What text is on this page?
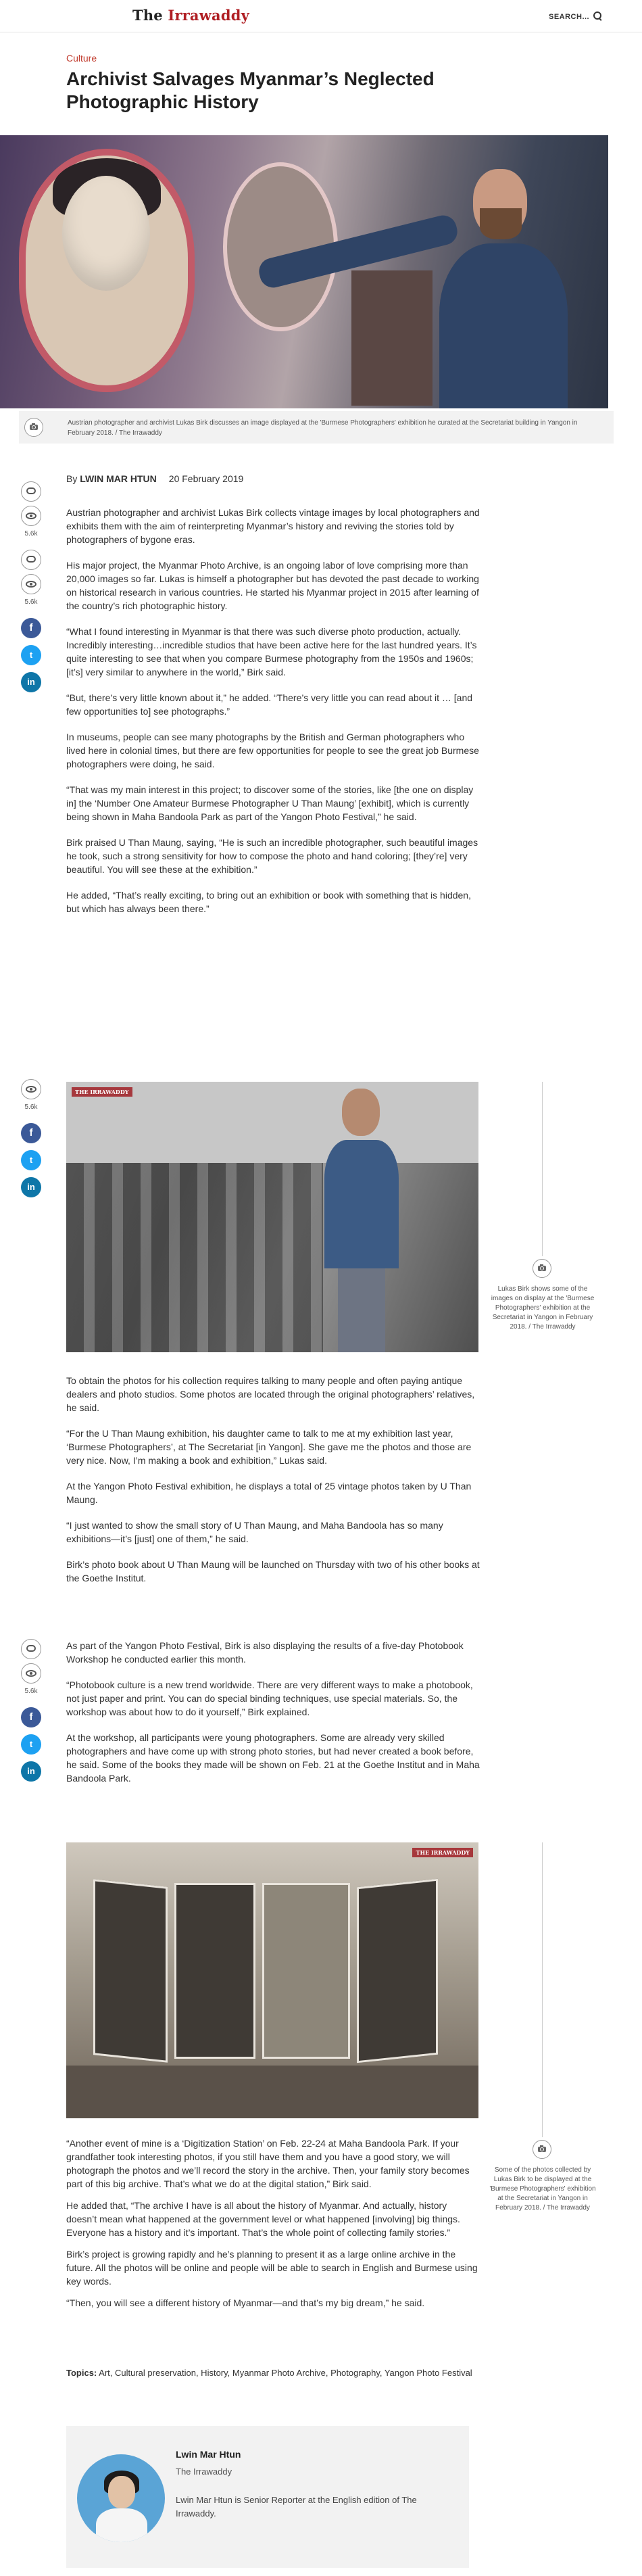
The Irrawaddy	SEARCH...
Culture
Archivist Salvages Myanmar’s Neglected Photographic History
Austrian photographer and archivist Lukas Birk discusses an image displayed at the 'Burmese Photographers' exhibition he curated at the Secretariat building in Yangon in February 2018. / The Irrawaddy
5.6k
5.6k
f
t
in
By LWIN MAR HTUN 20 February 2019

Austrian photographer and archivist Lukas Birk collects vintage images by local photographers and exhibits them with the aim of reinterpreting Myanmar’s history and reviving the stories told by photographers of bygone eras.

His major project, the Myanmar Photo Archive, is an ongoing labor of love comprising more than 20,000 images so far. Lukas is himself a photographer but has devoted the past decade to working on historical research in various countries. He started his Myanmar project in 2015 after learning of the country’s rich photographic history.

“What I found interesting in Myanmar is that there was such diverse photo production, actually. Incredibly interesting…incredible studios that have been active here for the last hundred years. It’s quite interesting to see that when you compare Burmese photography from the 1950s and 1960s; [it’s] very similar to anywhere in the world,” Birk said.

“But, there’s very little known about it,” he added. “There’s very little you can read about it … [and few opportunities to] see photographs.”

In museums, people can see many photographs by the British and German photographers who lived here in colonial times, but there are few opportunities for people to see the great job Burmese photographers were doing, he said.

“That was my main interest in this project; to discover some of the stories, like [the one on display in] the ‘Number One Amateur Burmese Photographer U Than Maung’ [exhibit], which is currently being shown in Maha Bandoola Park as part of the Yangon Photo Festival,” he said.

Birk praised U Than Maung, saying, “He is such an incredible photographer, such beautiful images he took, such a strong sensitivity for how to compose the photo and hand coloring; [they’re] very beautiful. You will see these at the exhibition.”

He added, “That’s really exciting, to bring out an exhibition or book with something that is hidden, but which has always been there.”

5.6k
f
t
in
THE IRRAWADDY
Lukas Birk shows some of the images on display at the 'Burmese Photographers' exhibition at the Secretariat in Yangon in February 2018. / The Irrawaddy

To obtain the photos for his collection requires talking to many people and often paying antique dealers and photo studios. Some photos are located through the original photographers’ relatives, he said.

“For the U Than Maung exhibition, his daughter came to talk to me at my exhibition last year, ‘Burmese Photographers’, at The Secretariat [in Yangon]. She gave me the photos and those are very nice. Now, I’m making a book and exhibition,” Lukas said.

At the Yangon Photo Festival exhibition, he displays a total of 25 vintage photos taken by U Than Maung.

“I just wanted to show the small story of U Than Maung, and Maha Bandoola has so many exhibitions—it’s [just] one of them,” he said.

Birk’s photo book about U Than Maung will be launched on Thursday with two of his other books at the Goethe Institut.

5.6k
f
t
in

As part of the Yangon Photo Festival, Birk is also displaying the results of a five-day Photobook Workshop he conducted earlier this month.

“Photobook culture is a new trend worldwide. There are very different ways to make a photobook, not just paper and print. You can do special binding techniques, use special materials. So, the workshop was about how to do it yourself,” Birk explained.

At the workshop, all participants were young photographers. Some are already very skilled photographers and have come up with strong photo stories, but had never created a book before, he said. Some of the books they made will be shown on Feb. 21 at the Goethe Institut and in Maha Bandoola Park.

THE IRRAWADDY
Some of the photos collected by Lukas Birk to be displayed at the 'Burmese Photographers' exhibition at the Secretariat in Yangon in February 2018. / The Irrawaddy

“Another event of mine is a ‘Digitization Station’ on Feb. 22-24 at Maha Bandoola Park. If your grandfather took interesting photos, if you still have them and you have a good story, we will photograph the photos and we’ll record the story in the archive. Then, your family story becomes part of this big archive. That’s what we do at the digital station,” Birk said.

He added that, “The archive I have is all about the history of Myanmar. And actually, history doesn’t mean what happened at the government level or what happened [involving] big things. Everyone has a history and it’s important. That’s the whole point of collecting family stories.”

Birk’s project is growing rapidly and he’s planning to present it as a large online archive in the future. All the photos will be online and people will be able to search in English and Burmese using key words.

“Then, you will see a different history of Myanmar—and that’s my big dream,” he said.

Topics: Art, Cultural preservation, History, Myanmar Photo Archive, Photography, Yangon Photo Festival
Lwin Mar Htun
The Irrawaddy
Lwin Mar Htun is Senior Reporter at the English edition of The Irrawaddy.
